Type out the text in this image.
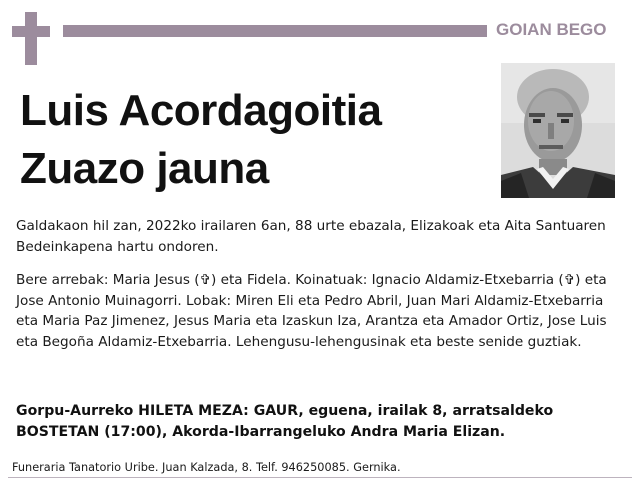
GOIAN BEGO
Luis Acordagoitia
Zuazo jauna

Galdakaon hil zan, 2022ko irailaren 6an, 88 urte ebazala, Elizakoak eta Aita Santuaren Bedeinkapena hartu ondoren.

Bere arrebak: Maria Jesus (✞) eta Fidela. Koinatuak: Ignacio Aldamiz-Etxebarria (✞) eta Jose Antonio Muinagorri. Lobak: Miren Eli eta Pedro Abril, Juan Mari Aldamiz-Etxebarria eta Maria Paz Jimenez, Jesus Maria eta Izaskun Iza, Arantza eta Amador Ortiz, Jose Luis eta Begoña Aldamiz-Etxebarria. Lehengusu-lehengusinak eta beste senide guztiak.

Gorpu-Aurreko HILETA MEZA: GAUR, eguena, irailak 8, arratsaldeko BOSTETAN (17:00), Akorda-Ibarrangeluko Andra Maria Elizan.

Funeraria Tanatorio Uribe. Juan Kalzada, 8. Telf. 946250085. Gernika.
